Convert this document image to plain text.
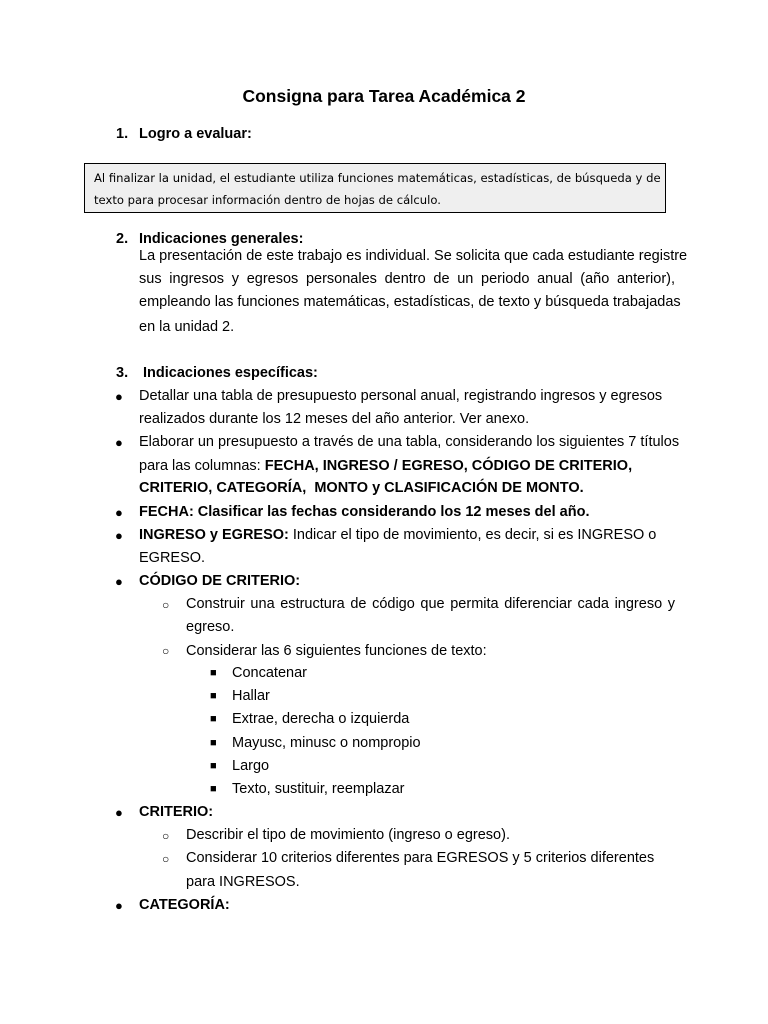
Consigna para Tarea Académica 2
1. Logro a evaluar:
Al finalizar la unidad, el estudiante utiliza funciones matemáticas, estadísticas, de búsqueda y de
texto para procesar información dentro de hojas de cálculo.
2. Indicaciones generales:
La presentación de este trabajo es individual. Se solicita que cada estudiante registre
sus ingresos y egresos personales dentro de un periodo anual (año anterior),
empleando las funciones matemáticas, estadísticas, de texto y búsqueda trabajadas
en la unidad 2.
3. Indicaciones específicas:
● Detallar una tabla de presupuesto personal anual, registrando ingresos y egresos
realizados durante los 12 meses del año anterior. Ver anexo.
● Elaborar un presupuesto a través de una tabla, considerando los siguientes 7 títulos
para las columnas: FECHA, INGRESO / EGRESO, CÓDIGO DE CRITERIO,
CRITERIO, CATEGORÍA,  MONTO y CLASIFICACIÓN DE MONTO.
● FECHA: Clasificar las fechas considerando los 12 meses del año.
● INGRESO y EGRESO: Indicar el tipo de movimiento, es decir, si es INGRESO o
EGRESO.
● CÓDIGO DE CRITERIO:
○ Construir una estructura de código que permita diferenciar cada ingreso y
egreso.
○ Considerar las 6 siguientes funciones de texto:
■ Concatenar
■ Hallar
■ Extrae, derecha o izquierda
■ Mayusc, minusc o nompropio
■ Largo
■ Texto, sustituir, reemplazar
● CRITERIO:
○ Describir el tipo de movimiento (ingreso o egreso).
○ Considerar 10 criterios diferentes para EGRESOS y 5 criterios diferentes
para INGRESOS.
● CATEGORÍA:
